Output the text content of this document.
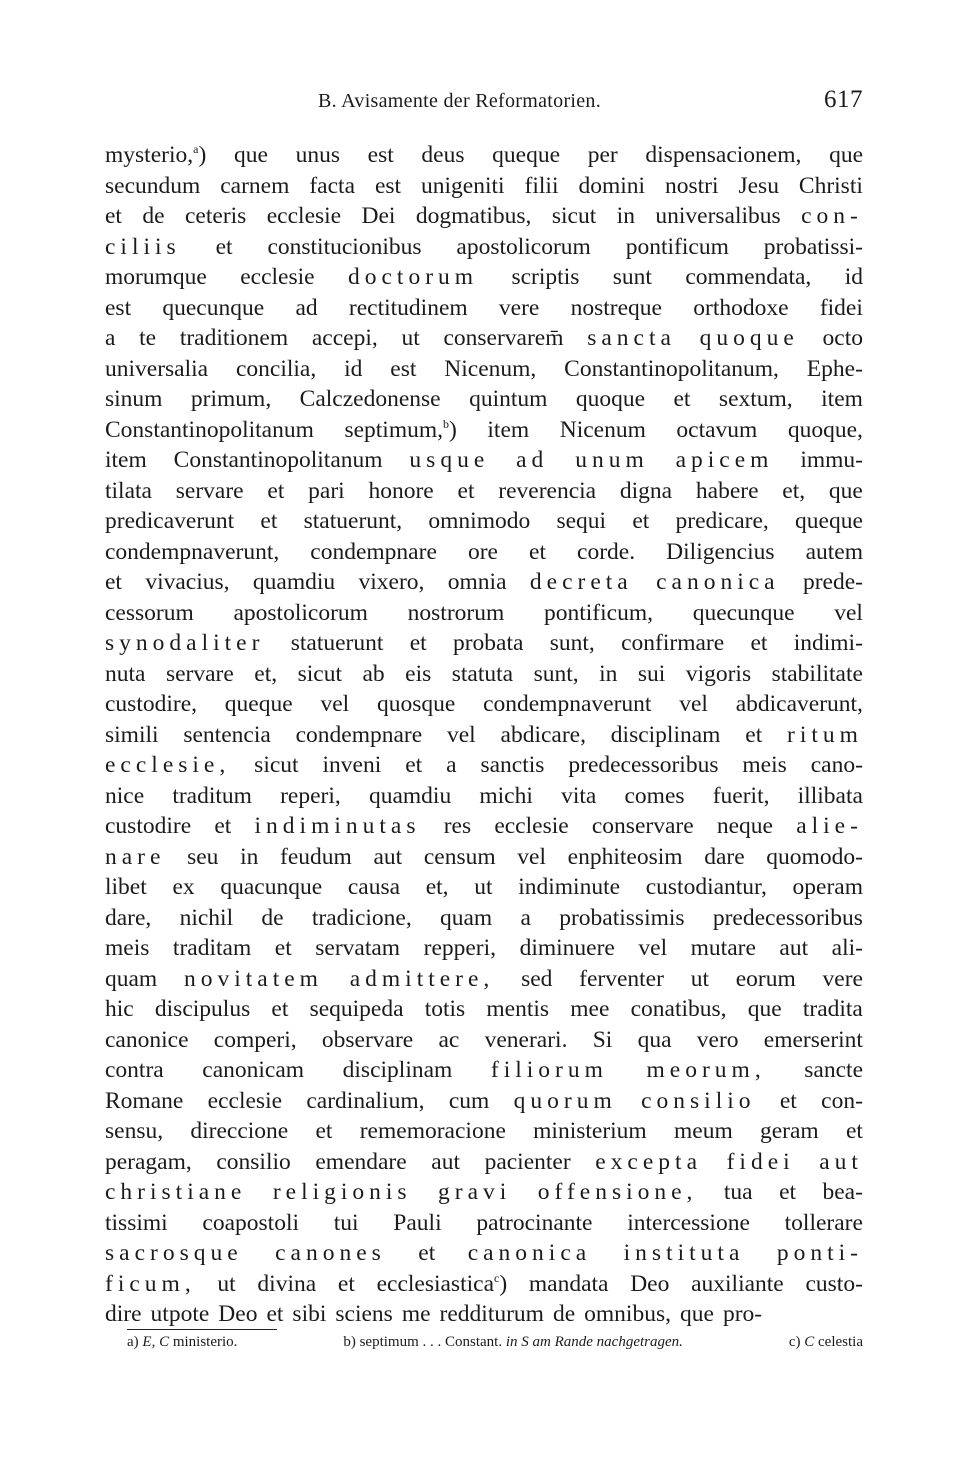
B. Avisamente der Reformatorien.	617
mysterio,$^a$) que unus est deus queque per dispensacionem, que
secundum carnem facta est unigeniti filii domini nostri Jesu Christi
et de ceteris ecclesie Dei dogmatibus, sicut in universalibus con-
ciliis et constitucionibus apostolicorum pontificum probatissi-
morumque ecclesie doctorum scriptis sunt commendata, id
est quecunque ad rectitudinem vere nostreque orthodoxe fidei
a te traditionem accepi, ut conservarem̄ sancta quoque octo
universalia concilia, id est Nicenum, Constantinopolitanum, Ephe-
sinum primum, Calczedonense quintum quoque et sextum, item
Constantinopolitanum septimum,$^b$) item Nicenum octavum quoque,
item Constantinopolitanum usque ad unum apicem immu-
tilata servare et pari honore et reverencia digna habere et, que
predicaverunt et statuerunt, omnimodo sequi et predicare, queque
condempnaverunt, condempnare ore et corde. Diligencius autem
et vivacius, quamdiu vixero, omnia decreta canonica prede-
cessorum apostolicorum nostrorum pontificum, quecunque vel
synodaliter statuerunt et probata sunt, confirmare et indimi-
nuta servare et, sicut ab eis statuta sunt, in sui vigoris stabilitate
custodire, queque vel quosque condempnaverunt vel abdicaverunt,
simili sentencia condempnare vel abdicare, disciplinam et ritum
ecclesie, sicut inveni et a sanctis predecessoribus meis cano-
nice traditum reperi, quamdiu michi vita comes fuerit, illibata
custodire et indiminutas res ecclesie conservare neque alie-
nare seu in feudum aut censum vel enphiteosim dare quomodo-
libet ex quacunque causa et, ut indiminute custodiantur, operam
dare, nichil de tradicione, quam a probatissimis predecessoribus
meis traditam et servatam repperi, diminuere vel mutare aut ali-
quam novitatem admittere, sed ferventer ut eorum vere
hic discipulus et sequipeda totis mentis mee conatibus, que tradita
canonice comperi, observare ac venerari. Si qua vero emerserint
contra canonicam disciplinam filiorum meorum, sancte
Romane ecclesie cardinalium, cum quorum consilio et con-
sensu, direccione et rememoracione ministerium meum geram et
peragam, consilio emendare aut pacienter excepta fidei aut
christiane religionis gravi offensione, tua et bea-
tissimi coapostoli tui Pauli patrocinante intercessione tollerare
sacrosque canones et canonica instituta ponti-
ficum, ut divina et ecclesiastica$^c$) mandata Deo auxiliante custo-
dire utpote Deo et sibi sciens me redditurum de omnibus, que pro-
a) E, C ministerio.	b) septimum . . . Constant. in S am Rande nachgetragen.	c) C celestia
